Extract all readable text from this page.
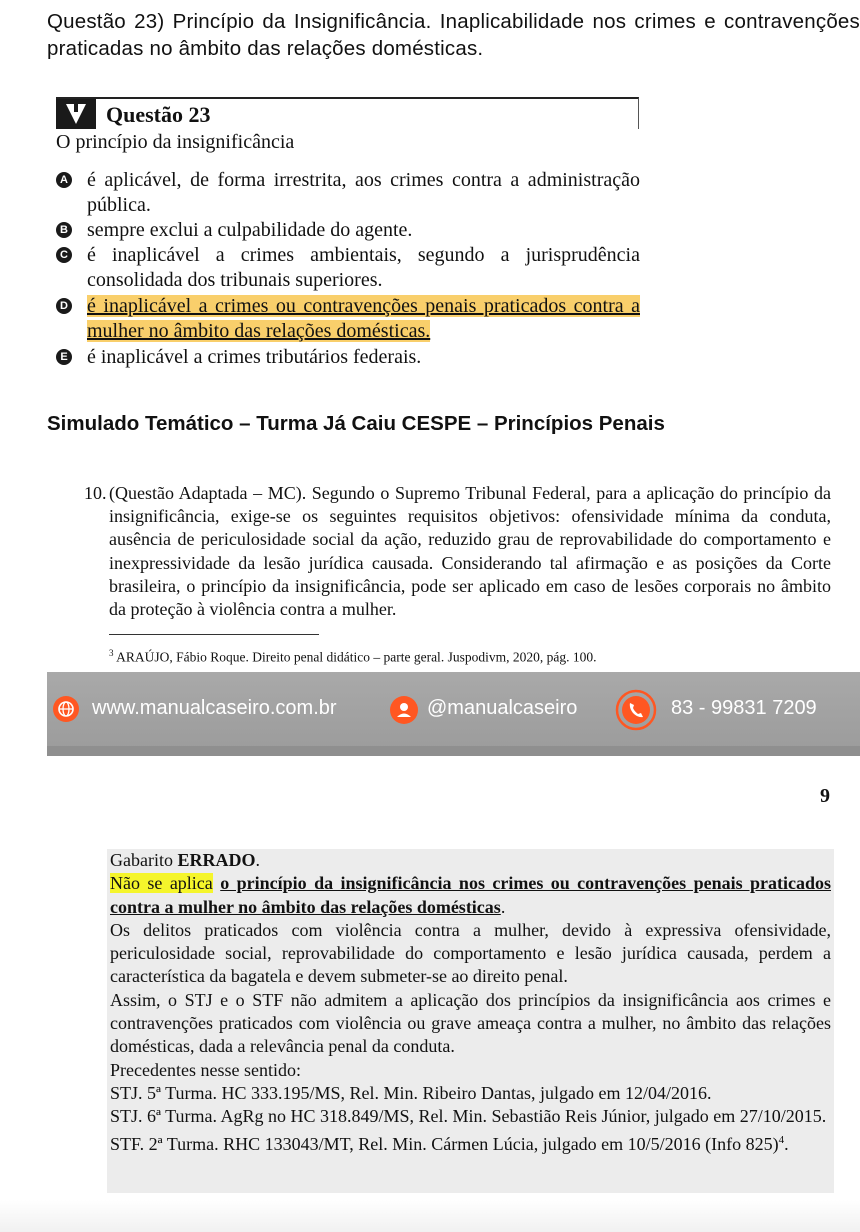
Questão 23) Princípio da Insignificância. Inaplicabilidade nos crimes e contravenções praticadas no âmbito das relações domésticas.
Questão 23
O princípio da insignificância
A é aplicável, de forma irrestrita, aos crimes contra a administração pública.
B sempre exclui a culpabilidade do agente.
C é inaplicável a crimes ambientais, segundo a jurisprudência consolidada dos tribunais superiores.
D é inaplicável a crimes ou contravenções penais praticados contra a mulher no âmbito das relações domésticas.
E é inaplicável a crimes tributários federais.
Simulado Temático – Turma Já Caiu CESPE – Princípios Penais
10. (Questão Adaptada – MC). Segundo o Supremo Tribunal Federal, para a aplicação do princípio da insignificância, exige-se os seguintes requisitos objetivos: ofensividade mínima da conduta, ausência de periculosidade social da ação, reduzido grau de reprovabilidade do comportamento e inexpressividade da lesão jurídica causada. Considerando tal afirmação e as posições da Corte brasileira, o princípio da insignificância, pode ser aplicado em caso de lesões corporais no âmbito da proteção à violência contra a mulher.
$^3$ ARAÚJO, Fábio Roque. Direito penal didático – parte geral. Juspodivm, 2020, pág. 100.
www.manualcaseiro.com.br	@manualcaseiro	83 - 99831 7209
9

Gabarito ERRADO.

Não se aplica o princípio da insignificância nos crimes ou contravenções penais praticados contra a mulher no âmbito das relações domésticas.

Os delitos praticados com violência contra a mulher, devido à expressiva ofensividade, periculosidade social, reprovabilidade do comportamento e lesão jurídica causada, perdem a característica da bagatela e devem submeter-se ao direito penal.

Assim, o STJ e o STF não admitem a aplicação dos princípios da insignificância aos crimes e contravenções praticados com violência ou grave ameaça contra a mulher, no âmbito das relações domésticas, dada a relevância penal da conduta.

Precedentes nesse sentido:

STJ. 5ª Turma. HC 333.195/MS, Rel. Min. Ribeiro Dantas, julgado em 12/04/2016.

STJ. 6ª Turma. AgRg no HC 318.849/MS, Rel. Min. Sebastião Reis Júnior, julgado em 27/10/2015.

STF. 2ª Turma. RHC 133043/MT, Rel. Min. Cármen Lúcia, julgado em 10/5/2016 (Info 825)$^4$.
